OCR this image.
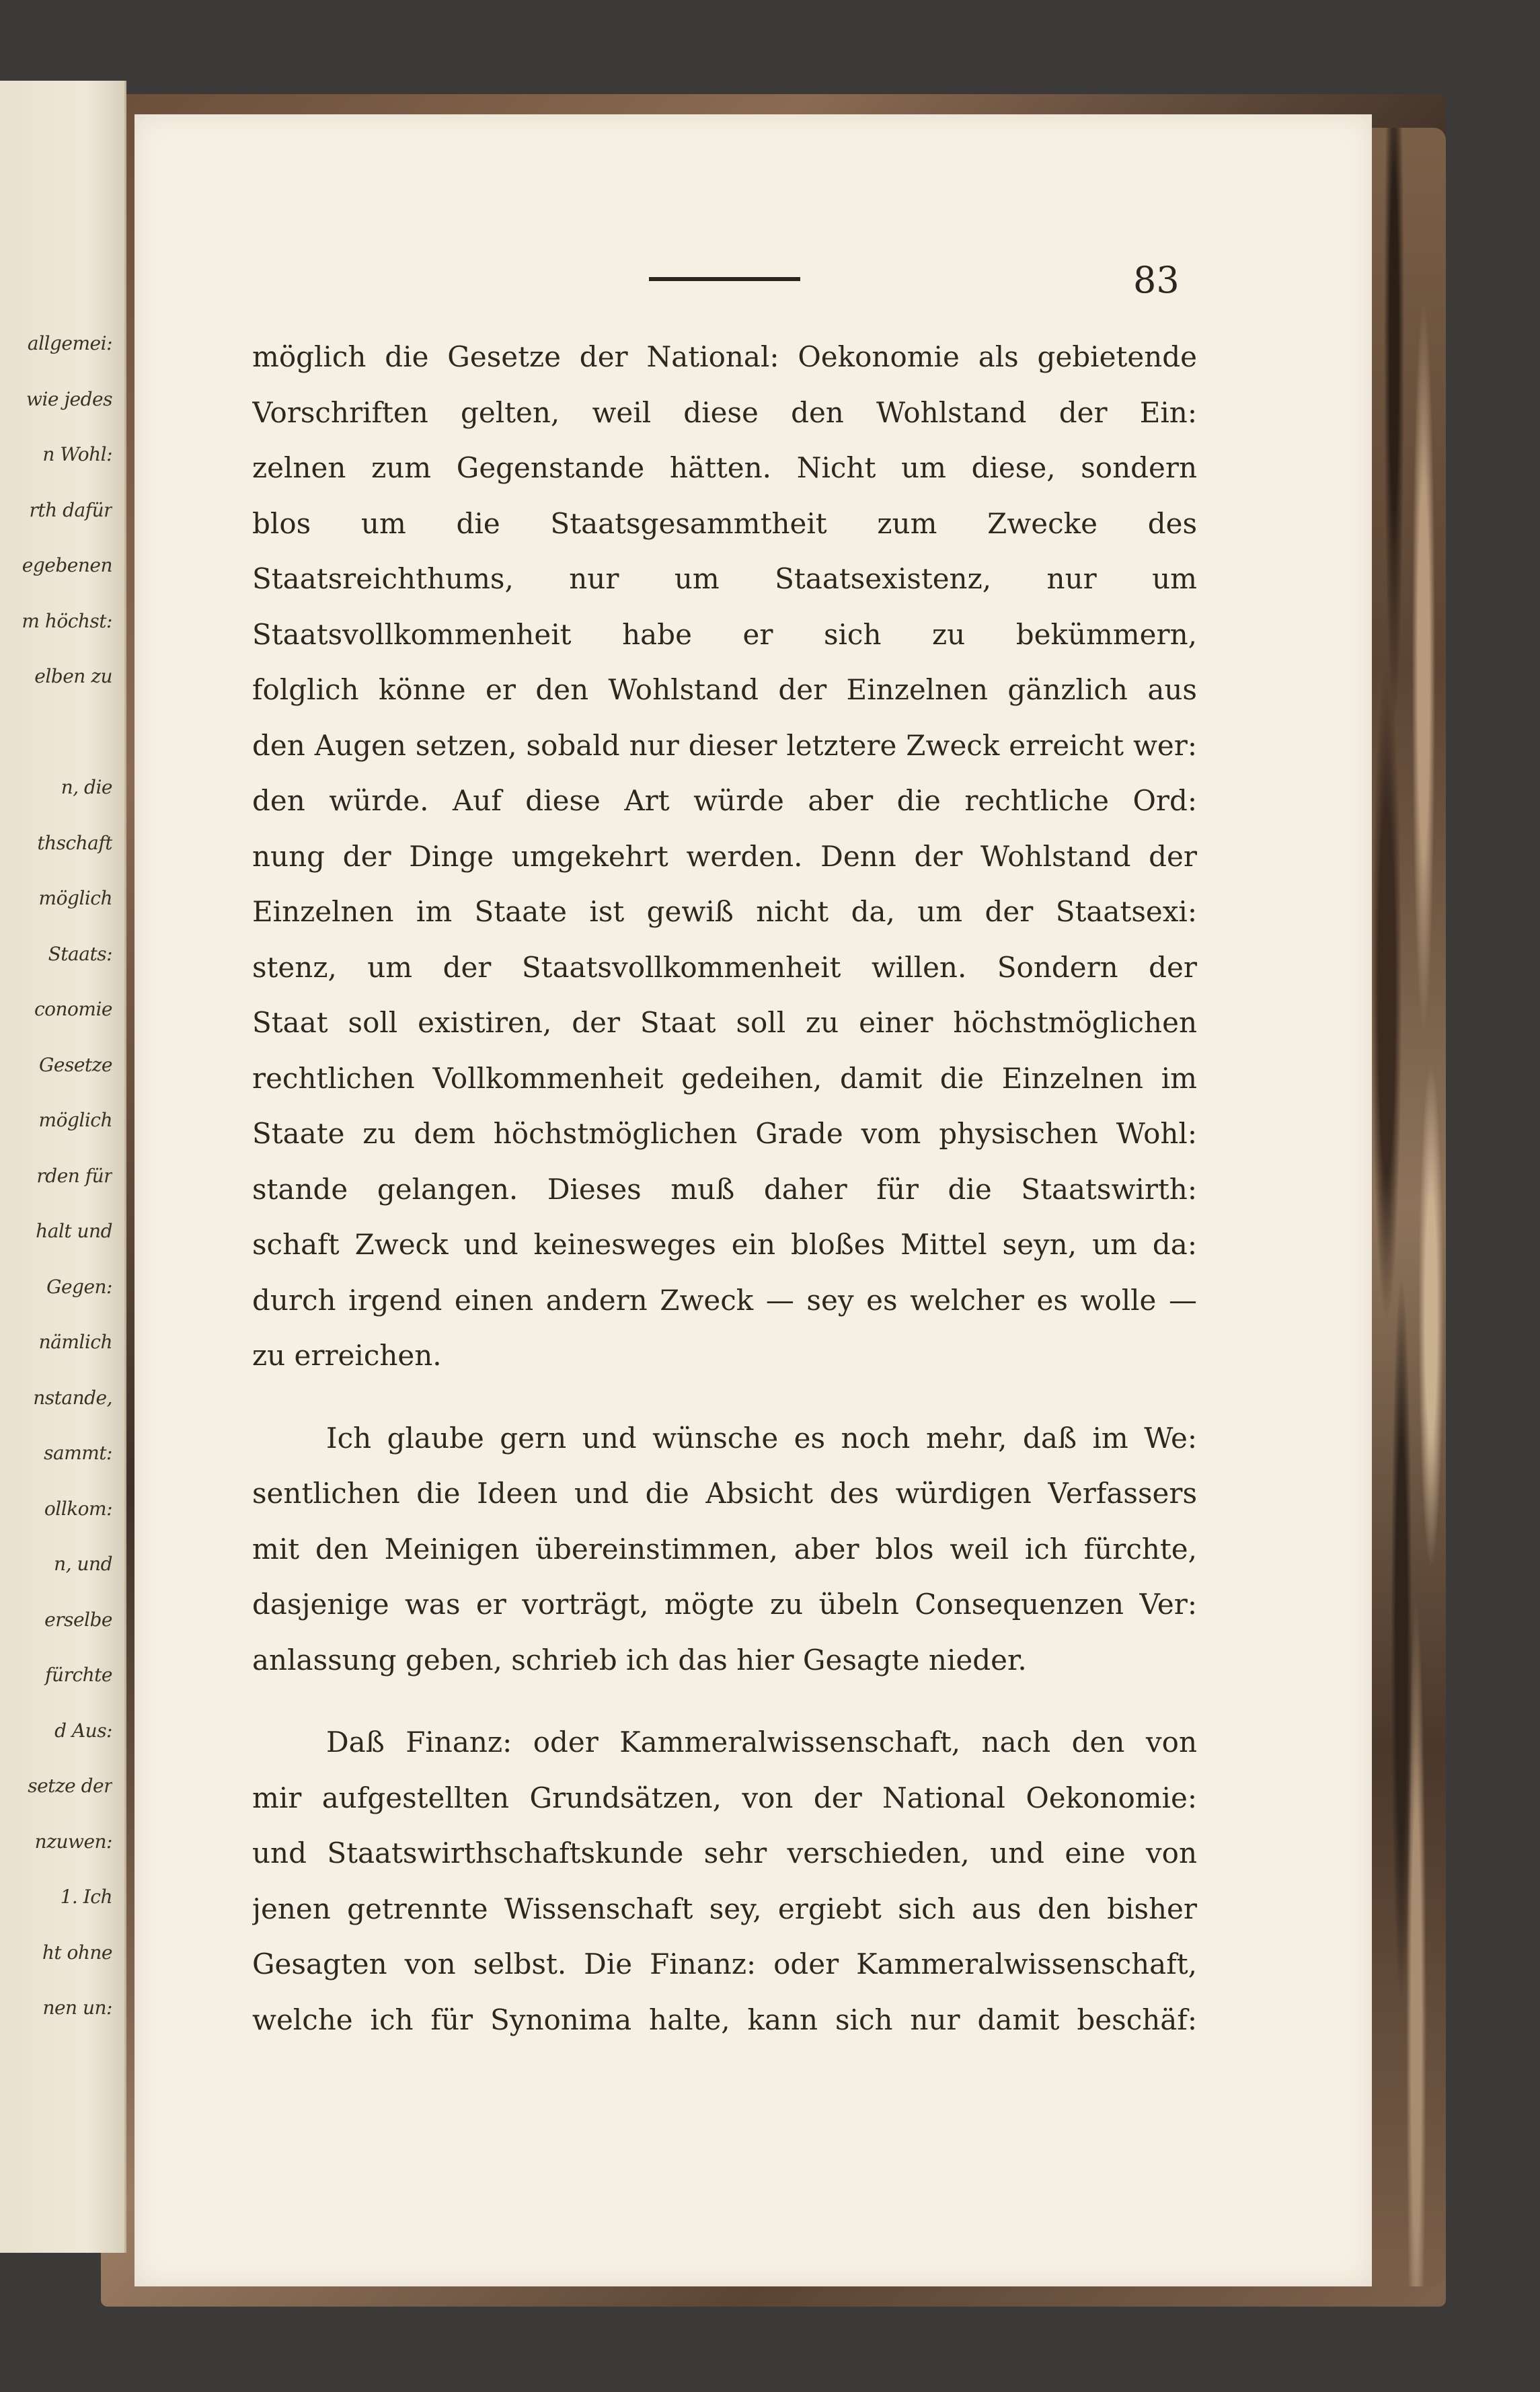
allgemei:
wie jedes
n Wohl:
rth dafür
egebenen
m höchst:
elben zu
n, die
thschaft
möglich
Staats:
conomie
Gesetze
möglich
rden für
halt und
Gegen:
nämlich
nstande,
sammt:
ollkom:
n, und
erselbe
fürchte
d Aus:
setze der
nzuwen:
1. Ich
ht ohne
nen un:
83
möglich die Gesetze der National: Oekonomie als gebietende
Vorschriften gelten, weil diese den Wohlstand der Ein:
zelnen zum Gegenstande hätten. Nicht um diese, sondern
blos um die Staatsgesammtheit zum Zwecke des
Staatsreichthums, nur um Staatsexistenz, nur um
Staatsvollkommenheit habe er sich zu bekümmern,
folglich könne er den Wohlstand der Einzelnen gänzlich aus
den Augen setzen, sobald nur dieser letztere Zweck erreicht wer:
den würde. Auf diese Art würde aber die rechtliche Ord:
nung der Dinge umgekehrt werden. Denn der Wohlstand der
Einzelnen im Staate ist gewiß nicht da, um der Staatsexi:
stenz, um der Staatsvollkommenheit willen. Sondern der
Staat soll existiren, der Staat soll zu einer höchstmöglichen
rechtlichen Vollkommenheit gedeihen, damit die Einzelnen im
Staate zu dem höchstmöglichen Grade vom physischen Wohl:
stande gelangen. Dieses muß daher für die Staatswirth:
schaft Zweck und keinesweges ein bloßes Mittel seyn, um da:
durch irgend einen andern Zweck — sey es welcher es wolle —
zu erreichen.
Ich glaube gern und wünsche es noch mehr, daß im We:
sentlichen die Ideen und die Absicht des würdigen Verfassers
mit den Meinigen übereinstimmen, aber blos weil ich fürchte,
dasjenige was er vorträgt, mögte zu übeln Consequenzen Ver:
anlassung geben, schrieb ich das hier Gesagte nieder.
Daß Finanz: oder Kammeralwissenschaft, nach den von
mir aufgestellten Grundsätzen, von der National Oekonomie:
und Staatswirthschaftskunde sehr verschieden, und eine von
jenen getrennte Wissenschaft sey, ergiebt sich aus den bisher
Gesagten von selbst. Die Finanz: oder Kammeralwissenschaft,
welche ich für Synonima halte, kann sich nur damit beschäf:
